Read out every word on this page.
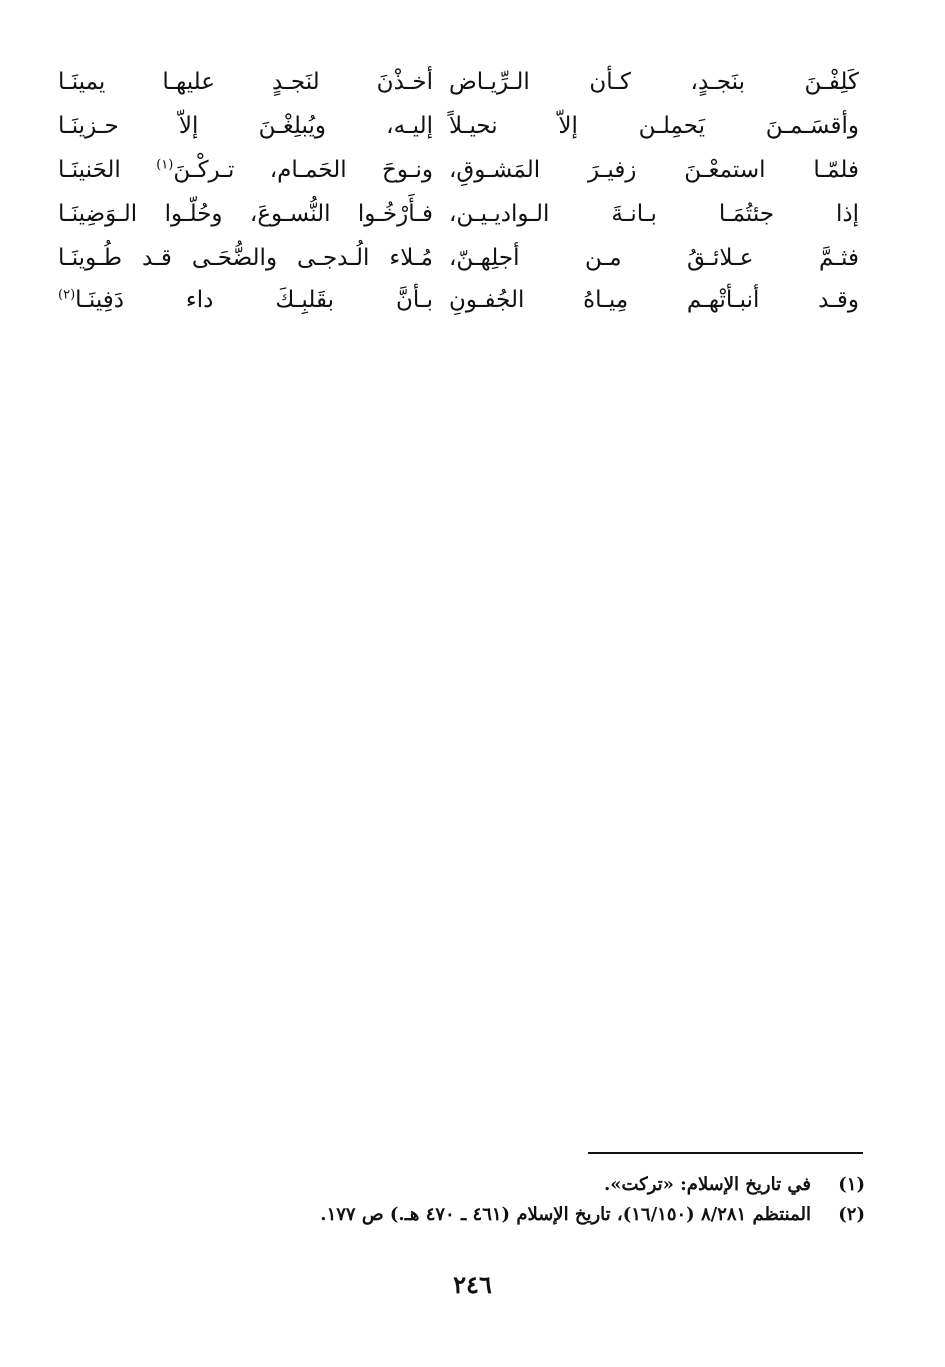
كَلِفْـنَ بنَجـدٍ، كـأن الـرِّيـاض
أخـذْنَ لنَجـدٍ عليهـا يمينَـا
وأقسَـمـنَ يَحمِلـن إلاّ نحيـلاً
إليـه، ويُبلِغْـنَ إلاّ حـزينَـا
فلمّـا استمعْـنَ زفيـرَ المَشـوقِ،
ونـوحَ الحَمـام، تـركْـنَ$^{(١)}$ الحَنينَـا
إذا جئتُمَـا بـانـةَ الـواديـيـن،
فـأَرْخُـوا النُّسـوعَ، وحُلّـوا الـوَضِينَـا
فثـمَّ عـلائـقُ مـن أجلِهـنّ،
مُـلاء الُـدجـى والضُّحَـى قـد طُـوينَـا
وقـد أنبـأتْهـم مِيـاهُ الجُفـونِ
بـأنَّ بقَلبِـكَ داء دَفِينَـا$^{(٢)}$
(١)
في تاريخ الإسلام: «تركت».
(٢)
المنتظم ٨/٢٨١ (١٦/١٥٠)، تاريخ الإسلام (٤٦١ ـ ٤٧٠ هـ.) ص ١٧٧.
٢٤٦
